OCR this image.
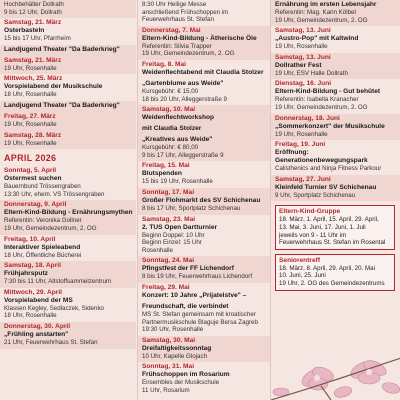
Hochbehälter Dollrath
9 bis 12 Uhr, Dollrath
Samstag, 21. März
Osterbasteln
15 bis 17 Uhr, Pfarrheim
Landjugend Theater "Da Baderkrieg"
Samstag, 21. März
19 Uhr, Rosenhalle
Mittwoch, 25. März
Vorspielabend der Musikschule
18 Uhr, Rosenhalle
Landjugend Theater "Da Baderkrieg"
Freitag, 27. März
19 Uhr, Rosenhalle
Samstag, 28. März
19 Uhr, Rosenhalle
APRIL 2026
Sonntag, 5. April
Ostermest suchen
Bauernbund Trössengraben
13:30 Uhr, ehem. VS Trössengraben
Donnerstag, 9. April
Eltern-Kind-Bildung - Ernährungsmythen
Referentin: Veronika Gollner
19 Uhr, Gemeindezentrum, 2. OG
Freitag, 10. April
Interaktiver Spieleabend
18 Uhr, Öffentliche Bücherei
Samstag, 18. April
Frühjahrsputz
7:30 bis 11 Uhr, Altstoffsammelzentrum
Mittwoch, 29. April
Vorspielabend der MS
Klassen Kegley, Sedlaczek, Sidenko
18 Uhr, Rosenhalle
Donnerstag, 30. April
„Frühling anstarten"
21 Uhr, Feuerwehrhaus St. Stefan
8:30 Uhr Heilige Messe
anschließend Frühschoppen im
Feuerwehrhaus St. Stefan
Donnerstag, 7. Mai
Eltern-Kind-Bildung - Ätherische Öle
Referentin: Silvia Trapper
19 Uhr, Gemeindezentrum, 2. OG
Freitag, 8. Mai
Weidenflechtabend mit Claudia Stolzer
„Gartenblume aus Weide"
Kursgebühr: € 15,00
18 bis 20 Uhr, Alleggerstraße 9
Samstag, 10. Mai
Weidenflechtworkshop
mit Claudia Stolzer
„Kreatives aus Weide"
Kursgebühr: € 80,00
9 bis 17 Uhr, Alleggerstraße 9
Freitag, 15. Mai
Blutspenden
15 bis 19 Uhr, Rosenhalle
Sonntag, 17. Mai
Großer Flohmarkt des SV Schichenau
8 bis 17 Uhr, Sportplatz Schichenau
Samstag, 23. Mai
2. TUS Open Dartturnier
Beginn Doppel: 10 Uhr
Beginn Einzel: 15 Uhr
Rosenhalle
Sonntag, 24. Mai
Pfingstfest der FF Lichendorf
8 bis 19 Uhr, Feuerwehrhaus Lichendorf
Freitag, 29. Mai
Konzert: 10 Jahre „Prijatelstve" –
Freundschaft, die verbindet
MS St. Stefan gemeinsam mit kroatischer
Partnermusikschule Blaguje Bersa Zagreb
19:30 Uhr, Rosenhalle
Samstag, 30. Mai
Dreifaltigkeitssonntag
10 Uhr, Kapelle Glojach
Sonntag, 31. Mai
Frühschoppen im Rosarium
Ensembles der Musikschule
11 Uhr, Rosarium
Ernährung im ersten Lebensjahr
Referentin: Mag. Karin Kölbel
19 Uhr, Gemeindezentrum, 2. OG
Samstag, 13. Juni
„Austro-Pop" mit Kaltwind
19 Uhr, Rosenhalle
Samstag, 13. Juni
Dollrather Fest
19 Uhr, ESV Halle Dollrath
Dienstag, 16. Juni
Eltern-Kind-Bildung - Gut behütet
Referentin: Isabella Kranacher
19 Uhr, Gemeindezentrum, 2. OG
Donnerstag, 18. Juni
„Sommerkonzert" der Musikschule
19 Uhr, Rosenhalle
Freitag, 19. Juni
Eröffnung: Generationenbewegungspark
Calisthenics and Ninja Fitness Parkour
Samstag, 27. Juni
Kleinfeld Turnier SV Schichenau
9 Uhr, Sportplatz Schichenau
Eltern-Kind-Gruppe
18. März, 1. April, 15. April, 29. April,
13. Mai, 3. Juni, 17. Juni, 1. Juli
jeweils von 9 - 11 Uhr im
Feuerwehrhaus St. Stefan im Rosental
Seniorentreff
18. März, 8. April, 29. April, 20. Mai
10. Juni, 25. Juni
19 Uhr, 2. OG des Gemeindezentrums
